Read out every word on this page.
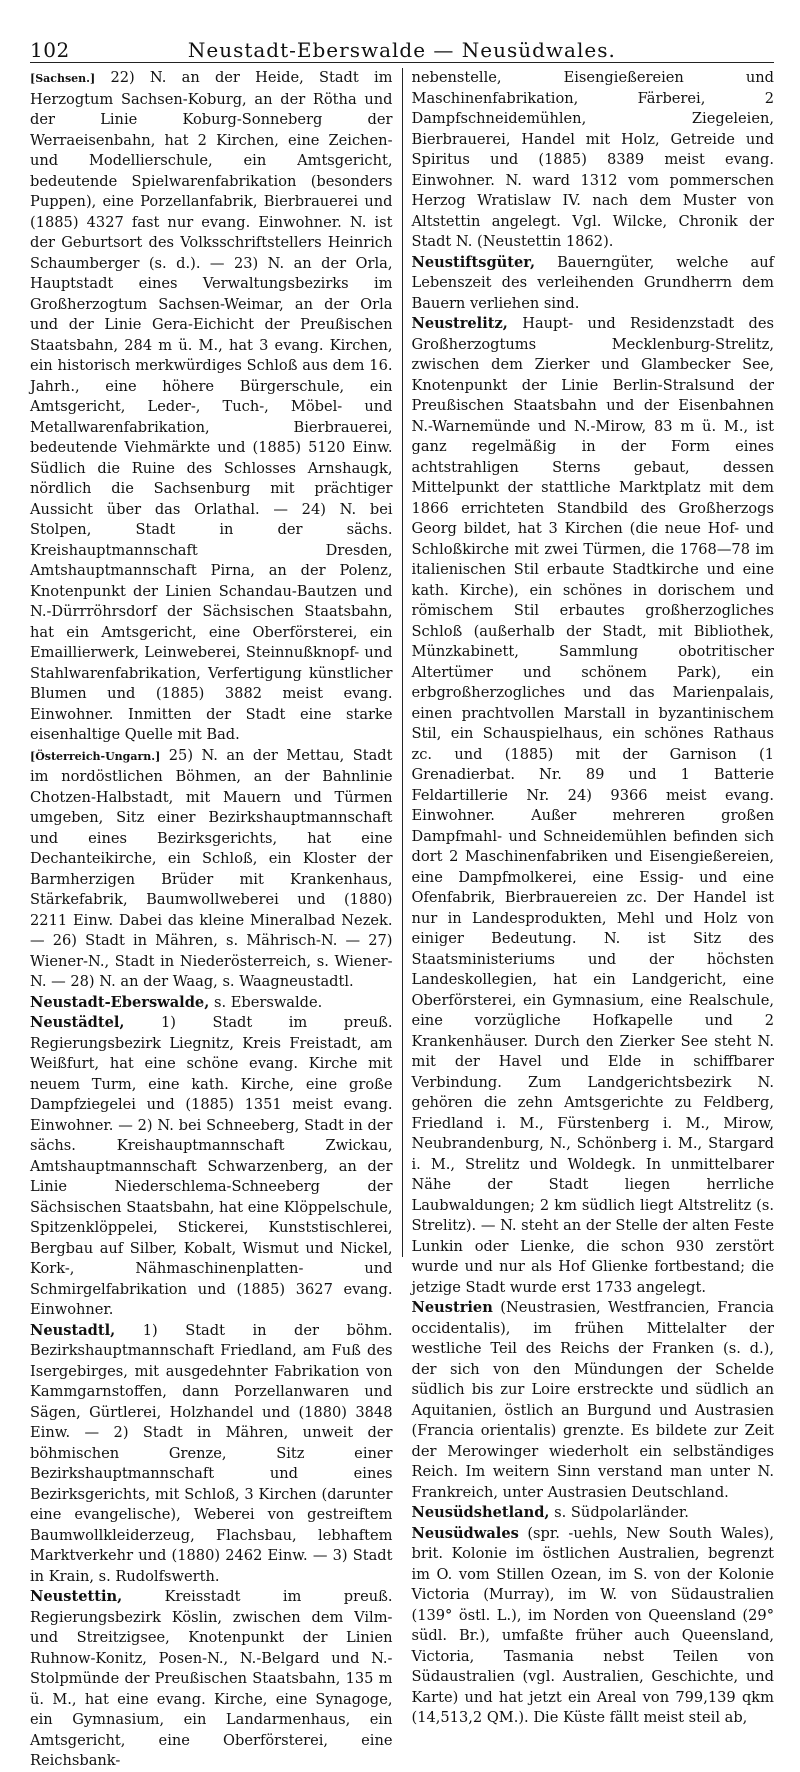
102	Neustadt-Eberswalde — Neusüdwales.

[Sachsen.] 22) N. an der Heide, Stadt im Herzogtum Sachsen-Koburg, an der Rötha und der Linie Koburg-Sonneberg der Werraeisenbahn, hat 2 Kirchen, eine Zeichen- und Modellierschule, ein Amtsgericht, bedeutende Spielwarenfabrikation (besonders Puppen), eine Porzellanfabrik, Bierbrauerei und (1885) 4327 fast nur evang. Einwohner. N. ist der Geburtsort des Volksschriftstellers Heinrich Schaumberger (s. d.). — 23) N. an der Orla, Hauptstadt eines Verwaltungsbezirks im Großherzogtum Sachsen-Weimar, an der Orla und der Linie Gera-Eichicht der Preußischen Staatsbahn, 284 m ü. M., hat 3 evang. Kirchen, ein historisch merkwürdiges Schloß aus dem 16. Jahrh., eine höhere Bürgerschule, ein Amtsgericht, Leder-, Tuch-, Möbel- und Metallwarenfabrikation, Bierbrauerei, bedeutende Viehmärkte und (1885) 5120 Einw. Südlich die Ruine des Schlosses Arnshaugk, nördlich die Sachsenburg mit prächtiger Aussicht über das Orlathal. — 24) N. bei Stolpen, Stadt in der sächs. Kreishauptmannschaft Dresden, Amtshauptmannschaft Pirna, an der Polenz, Knotenpunkt der Linien Schandau-Bautzen und N.-Dürrröhrsdorf der Sächsischen Staatsbahn, hat ein Amtsgericht, eine Oberförsterei, ein Emaillierwerk, Leinweberei, Steinnußknopf- und Stahlwarenfabrikation, Verfertigung künstlicher Blumen und (1885) 3882 meist evang. Einwohner. Inmitten der Stadt eine starke eisenhaltige Quelle mit Bad.

[Österreich-Ungarn.] 25) N. an der Mettau, Stadt im nordöstlichen Böhmen, an der Bahnlinie Chotzen-Halbstadt, mit Mauern und Türmen umgeben, Sitz einer Bezirkshauptmannschaft und eines Bezirksgerichts, hat eine Dechanteikirche, ein Schloß, ein Kloster der Barmherzigen Brüder mit Krankenhaus, Stärkefabrik, Baumwollweberei und (1880) 2211 Einw. Dabei das kleine Mineralbad Nezek. — 26) Stadt in Mähren, s. Mährisch-N. — 27) Wiener-N., Stadt in Niederösterreich, s. Wiener-N. — 28) N. an der Waag, s. Waagneustadtl.

Neustadt-Eberswalde, s. Eberswalde.

Neustädtel,	1) Stadt im preuß. Regierungsbezirk Liegnitz, Kreis Freistadt, am Weißfurt, hat eine schöne evang. Kirche mit neuem Turm, eine kath. Kirche, eine große Dampfziegelei und (1885) 1351 meist evang. Einwohner. — 2) N. bei Schneeberg, Stadt in der sächs. Kreishauptmannschaft Zwickau, Amtshauptmannschaft Schwarzenberg, an der Linie Niederschlema-Schneeberg der Sächsischen Staatsbahn, hat eine Klöppelschule, Spitzenklöppelei, Stickerei, Kunststischlerei, Bergbau auf Silber, Kobalt, Wismut und Nickel, Kork-, Nähmaschinenplatten- und Schmirgelfabrikation und (1885) 3627 evang. Einwohner.

Neustadtl, 1) Stadt in der böhm. Bezirkshauptmannschaft Friedland, am Fuß des Isergebirges, mit ausgedehnter Fabrikation von Kammgarnstoffen, dann Porzellanwaren und Sägen, Gürtlerei, Holzhandel und (1880) 3848 Einw. — 2) Stadt in Mähren, unweit der böhmischen Grenze, Sitz einer Bezirkshauptmannschaft und eines Bezirksgerichts, mit Schloß, 3 Kirchen (darunter eine evangelische), Weberei von gestreiftem Baumwollkleiderzeug, Flachsbau, lebhaftem Marktverkehr und (1880) 2462 Einw. — 3) Stadt in Krain, s. Rudolfswerth.

Neustettin,	Kreisstadt im preuß. Regierungsbezirk Köslin, zwischen dem Vilm- und Streitzigsee, Knotenpunkt der Linien Ruhnow-Konitz, Posen-N., N.-Belgard und N.-Stolpmünde der Preußischen Staatsbahn, 135 m ü. M., hat eine evang. Kirche, eine Synagoge, ein Gymnasium, ein Landarmenhaus, ein Amtsgericht, eine Oberförsterei, eine Reichsbank-

nebenstelle, Eisengießereien und Maschinenfabrikation, Färberei, 2 Dampfschneidemühlen, Ziegeleien, Bierbrauerei, Handel mit Holz, Getreide und Spiritus und (1885) 8389 meist evang. Einwohner. N. ward 1312 vom pommerschen Herzog Wratislaw IV. nach dem Muster von Altstettin angelegt. Vgl. Wilcke, Chronik der Stadt N. (Neustettin 1862).

Neustiftsgüter, Bauerngüter, welche auf Lebenszeit des verleihenden Grundherrn dem Bauern verliehen sind.

Neustrelitz, Haupt- und Residenzstadt des Großherzogtums Mecklenburg-Strelitz, zwischen dem Zierker und Glambecker See, Knotenpunkt der Linie Berlin-Stralsund der Preußischen Staatsbahn und der Eisenbahnen N.-Warnemünde und N.-Mirow, 83 m ü. M., ist ganz regelmäßig in der Form eines achtstrahligen Sterns gebaut, dessen Mittelpunkt der stattliche Marktplatz mit dem 1866 errichteten Standbild des Großherzogs Georg bildet, hat 3 Kirchen (die neue Hof- und Schloßkirche mit zwei Türmen, die 1768—78 im italienischen Stil erbaute Stadtkirche und eine kath. Kirche), ein schönes in dorischem und römischem Stil erbautes großherzogliches Schloß (außerhalb der Stadt, mit Bibliothek, Münzkabinett, Sammlung obotritischer Altertümer und schönem Park), ein erbgroßherzogliches und das Marienpalais, einen prachtvollen Marstall in byzantinischem Stil, ein Schauspielhaus, ein schönes Rathaus zc. und (1885) mit der Garnison (1 Grenadierbat. Nr. 89 und 1 Batterie Feldartillerie Nr. 24) 9366 meist evang. Einwohner. Außer mehreren großen Dampfmahl- und Schneidemühlen befinden sich dort 2 Maschinenfabriken und Eisengießereien, eine Dampfmolkerei, eine Essig- und eine Ofenfabrik, Bierbrauereien zc. Der Handel ist nur in Landesprodukten, Mehl und Holz von einiger Bedeutung. N. ist Sitz des Staatsministeriums und der höchsten Landeskollegien, hat ein Landgericht, eine Oberförsterei, ein Gymnasium, eine Realschule, eine vorzügliche Hofkapelle und 2 Krankenhäuser. Durch den Zierker See steht N. mit der Havel und Elde in schiffbarer Verbindung. Zum Landgerichtsbezirk N. gehören die zehn Amtsgerichte zu Feldberg, Friedland i. M., Fürstenberg i. M., Mirow, Neubrandenburg, N., Schönberg i. M., Stargard i. M., Strelitz und Woldegk. In unmittelbarer Nähe der Stadt liegen herrliche Laubwaldungen; 2 km südlich liegt Altstrelitz (s. Strelitz). — N. steht an der Stelle der alten Feste Lunkin oder Lienke, die schon 930 zerstört wurde und nur als Hof Glienke fortbestand; die jetzige Stadt wurde erst 1733 angelegt.

Neustrien (Neustrasien, Westfrancien, Francia occidentalis), im frühen Mittelalter der westliche Teil des Reichs der Franken (s. d.), der sich von den Mündungen der Schelde südlich bis zur Loire erstreckte und südlich an Aquitanien, östlich an Burgund und Austrasien (Francia orientalis) grenzte. Es bildete zur Zeit der Merowinger wiederholt ein selbständiges Reich. Im weitern Sinn verstand man unter N. Frankreich, unter Austrasien Deutschland.

Neusüdshetland, s. Südpolarländer.

Neusüdwales (spr. -uehls, New South Wales), brit. Kolonie im östlichen Australien, begrenzt im O. vom Stillen Ozean, im S. von der Kolonie Victoria (Murray), im W. von Südaustralien (139° östl. L.), im Norden von Queensland (29° südl. Br.), umfaßte früher auch Queensland, Victoria, Tasmania nebst Teilen von Südaustralien (vgl. Australien, Geschichte, und Karte) und hat jetzt ein Areal von 799,139 qkm (14,513,2 QM.). Die Küste fällt meist steil ab,
